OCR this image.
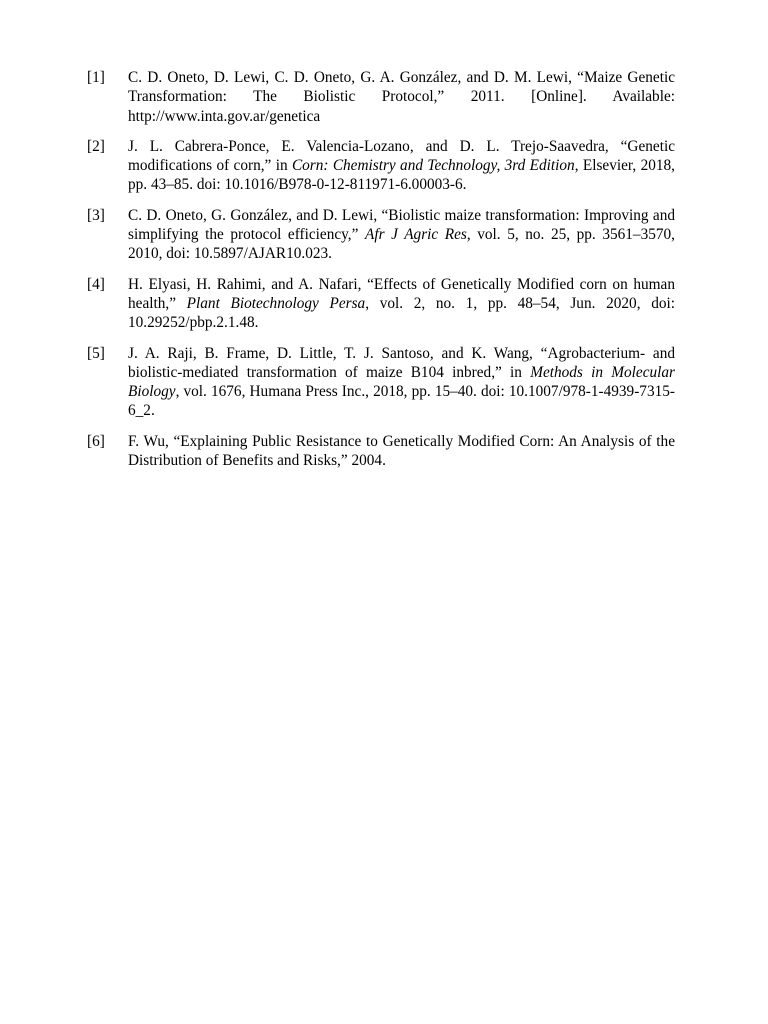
[1]	C. D. Oneto, D. Lewi, C. D. Oneto, G. A. González, and D. M. Lewi, “Maize Genetic Transformation: The Biolistic Protocol,” 2011. [Online]. Available: http://www.inta.gov.ar/genetica
[2]	J. L. Cabrera-Ponce, E. Valencia-Lozano, and D. L. Trejo-Saavedra, “Genetic modifications of corn,” in Corn: Chemistry and Technology, 3rd Edition, Elsevier, 2018, pp. 43–85. doi: 10.1016/B978-0-12-811971-6.00003-6.
[3]	C. D. Oneto, G. González, and D. Lewi, “Biolistic maize transformation: Improving and simplifying the protocol efficiency,” Afr J Agric Res, vol. 5, no. 25, pp. 3561–3570, 2010, doi: 10.5897/AJAR10.023.
[4]	H. Elyasi, H. Rahimi, and A. Nafari, “Effects of Genetically Modified corn on human health,” Plant Biotechnology Persa, vol. 2, no. 1, pp. 48–54, Jun. 2020, doi: 10.29252/pbp.2.1.48.
[5]	J. A. Raji, B. Frame, D. Little, T. J. Santoso, and K. Wang, “Agrobacterium- and biolistic-mediated transformation of maize B104 inbred,” in Methods in Molecular Biology, vol. 1676, Humana Press Inc., 2018, pp. 15–40. doi: 10.1007/978-1-4939-7315-6_2.
[6]	F. Wu, “Explaining Public Resistance to Genetically Modified Corn: An Analysis of the Distribution of Benefits and Risks,” 2004.
